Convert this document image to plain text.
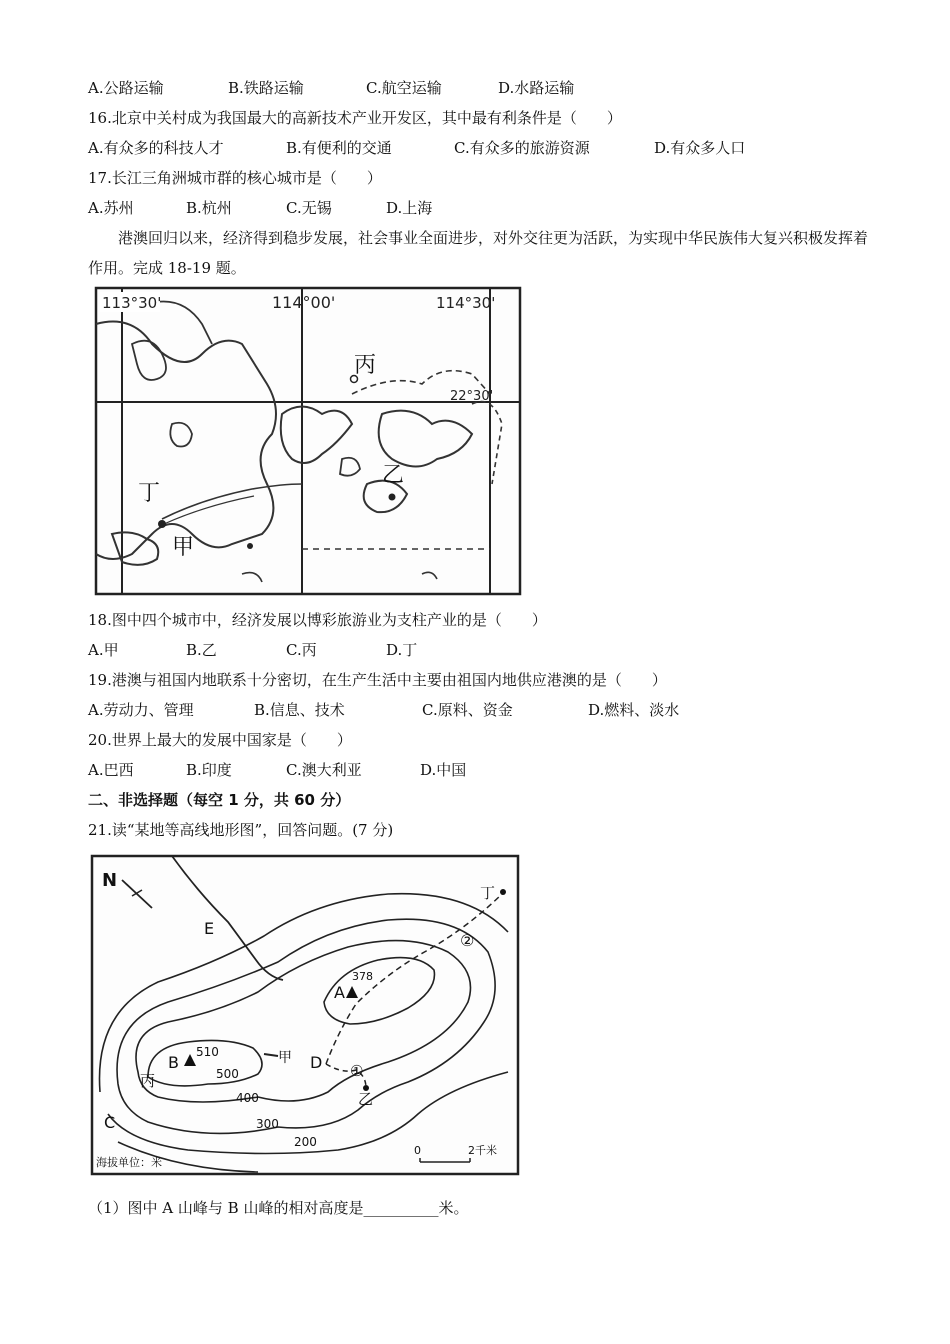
A.公路运输	B.铁路运输	C.航空运输	D.水路运输
16.北京中关村成为我国最大的高新技术产业开发区，其中最有利条件是（　　）
A.有众多的科技人才	B.有便利的交通	C.有众多的旅游资源	D.有众多人口
17.长江三角洲城市群的核心城市是（　　）
A.苏州	B.杭州	C.无锡	D.上海
港澳回归以来，经济得到稳步发展，社会事业全面进步，对外交往更为活跃，为实现中华民族伟大复兴积极发挥着作用。完成 18-19 题。
113°30'	114°00'	114°30'
22°30'
丙
乙
丁
甲
18.图中四个城市中，经济发展以博彩旅游业为支柱产业的是（　　）
A.甲	B.乙	C.丙	D.丁
19.港澳与祖国内地联系十分密切，在生产生活中主要由祖国内地供应港澳的是（　　）
A.劳动力、管理	B.信息、技术	C.原料、资金	D.燃料、淡水
20.世界上最大的发展中国家是（　　）
A.巴西	B.印度	C.澳大利亚	D.中国
二、非选择题（每空 1 分，共 60 分）
21.读“某地等高线地形图”，回答问题。(7 分)
N
E
A
378
B
510
D
C
甲
乙
丙
丁
①
②
500
400
300
200
海拔单位：米
0	2千米
（1）图中 A 山峰与 B 山峰的相对高度是__________米。
